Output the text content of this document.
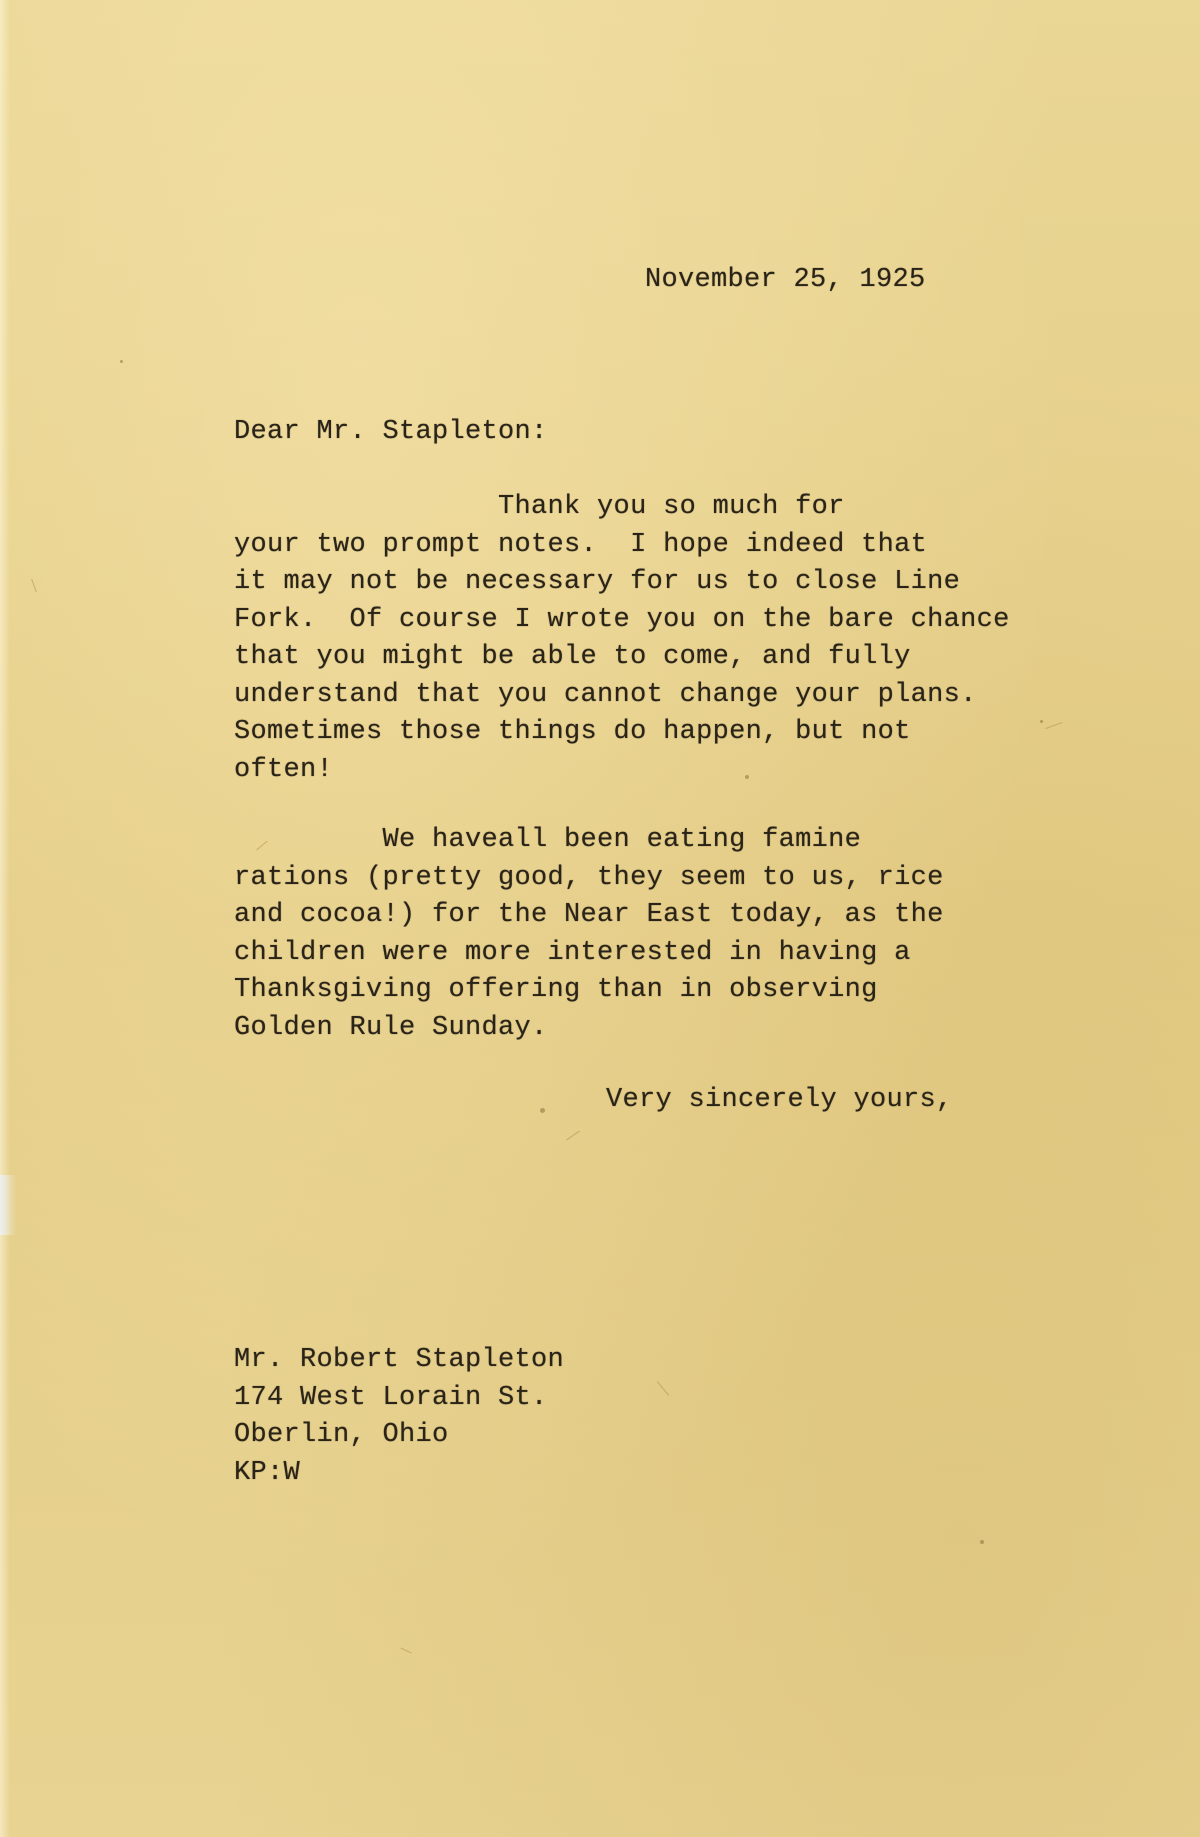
November 25, 1925
Dear Mr. Stapleton:
Thank you so much for
your two prompt notes.  I hope indeed that
it may not be necessary for us to close Line
Fork.  Of course I wrote you on the bare chance
that you might be able to come, and fully
understand that you cannot change your plans.
Sometimes those things do happen, but not
often!
We haveall been eating famine
rations (pretty good, they seem to us, rice
and cocoa!) for the Near East today, as the
children were more interested in having a
Thanksgiving offering than in observing
Golden Rule Sunday.
Very sincerely yours,
Mr. Robert Stapleton
174 West Lorain St.
Oberlin, Ohio
KP:W
